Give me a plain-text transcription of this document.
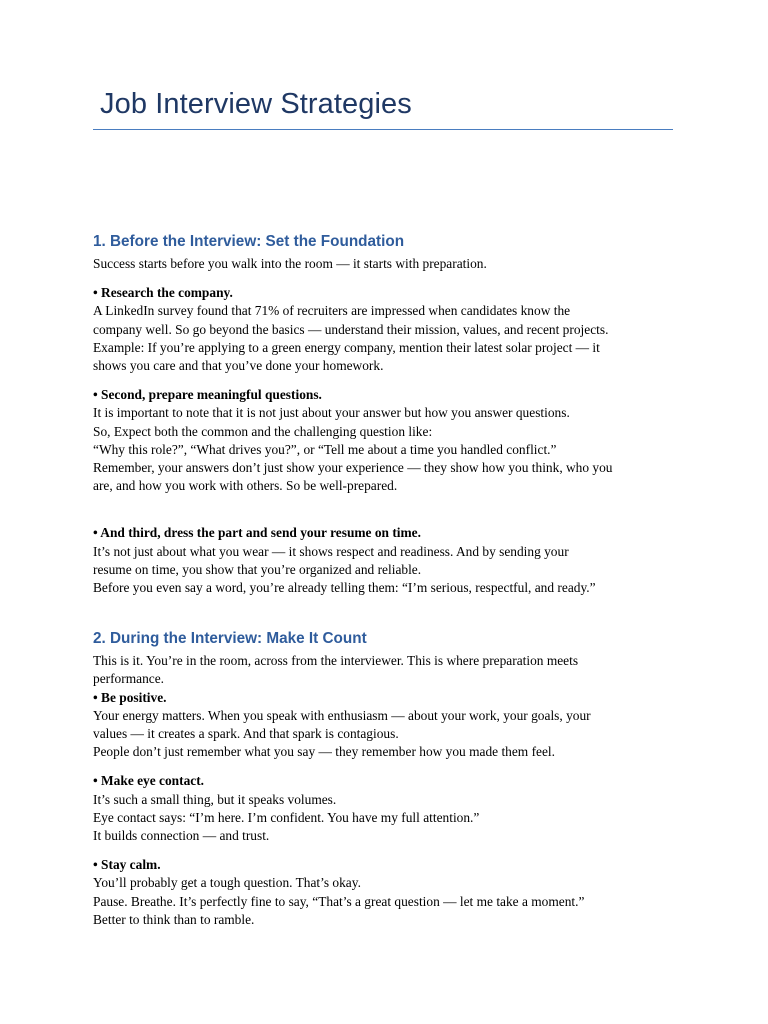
Job Interview Strategies
1. Before the Interview: Set the Foundation

Success starts before you walk into the room — it starts with preparation.

• Research the company.

A LinkedIn survey found that 71% of recruiters are impressed when candidates know the
company well. So go beyond the basics — understand their mission, values, and recent projects.
Example: If you’re applying to a green energy company, mention their latest solar project — it
shows you care and that you’ve done your homework.

• Second, prepare meaningful questions.

It is important to note that it is not just about your answer but how you answer questions.
So, Expect both the common and the challenging question like:
“Why this role?”, “What drives you?”, or “Tell me about a time you handled conflict.”
Remember, your answers don’t just show your experience — they show how you think, who you
are, and how you work with others. So be well-prepared.

• And third, dress the part and send your resume on time.

It’s not just about what you wear — it shows respect and readiness. And by sending your
resume on time, you show that you’re organized and reliable.
Before you even say a word, you’re already telling them: “I’m serious, respectful, and ready.”

2. During the Interview: Make It Count

This is it. You’re in the room, across from the interviewer. This is where preparation meets
performance.

• Be positive.

Your energy matters. When you speak with enthusiasm — about your work, your goals, your
values — it creates a spark. And that spark is contagious.
People don’t just remember what you say — they remember how you made them feel.

• Make eye contact.

It’s such a small thing, but it speaks volumes.
Eye contact says: “I’m here. I’m confident. You have my full attention.”
It builds connection — and trust.

• Stay calm.

You’ll probably get a tough question. That’s okay.
Pause. Breathe. It’s perfectly fine to say, “That’s a great question — let me take a moment.”
Better to think than to ramble.
